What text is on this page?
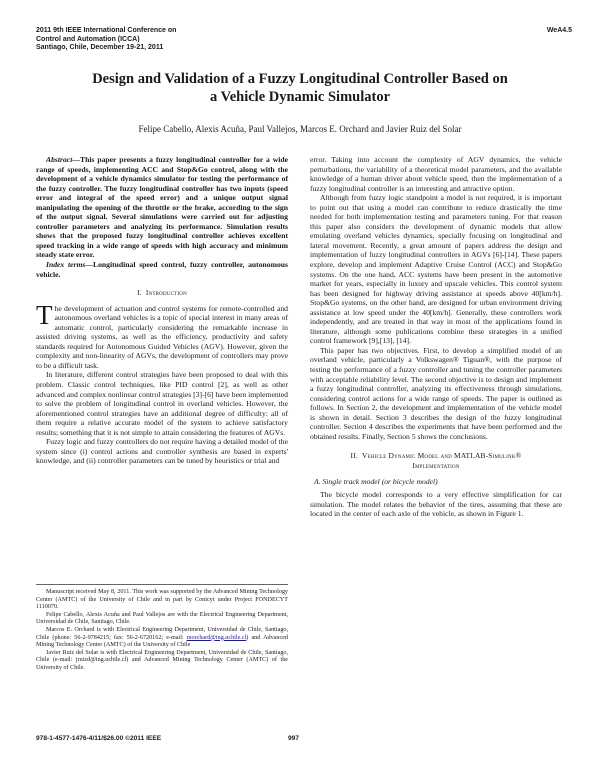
2011 9th IEEE International Conference on
Control and Automation (ICCA)
Santiago, Chile, December 19-21, 2011
WeA4.5
Design and Validation of a Fuzzy Longitudinal Controller Based on
a Vehicle Dynamic Simulator
Felipe Cabello, Alexis Acuña, Paul Vallejos, Marcos E. Orchard and Javier Ruiz del Solar

Abstract—This paper presents a fuzzy longitudinal controller for a wide range of speeds, implementing ACC and Stop&Go control, along with the development of a vehicle dynamics simulator for testing the performance of the fuzzy controller. The fuzzy longitudinal controller has two inputs (speed error and integral of the speed error) and a unique output signal manipulating the opening of the throttle or the brake, according to the sign of the output signal. Several simulations were carried out for adjusting controller parameters and analyzing its performance. Simulation results shows that the proposed fuzzy longitudinal controller achieves excellent speed tracking in a wide range of speeds with high accuracy and minimum steady state error.

Index terms—Longitudinal speed control, fuzzy controller, autonomous vehicle.

I. Introduction

The development of actuation and control systems for remote-controlled and autonomous overland vehicles is a topic of special interest in many areas of automatic control, particularly considering the remarkable increase in assisted driving systems, as well as the efficiency, productivity and safety standards required for Autonomous Guided Vehicles (AGV). However, given the complexity and non-linearity of AGVs, the development of controllers may prove to be a difficult task.

In literature, different control strategies have been proposed to deal with this problem. Classic control techniques, like PID control [2], as well as other advanced and complex nonlinear control strategies [3]-[6] have been implemented to solve the problem of longitudinal control in overland vehicles. However, the aforementioned control strategies have an additional degree of difficulty: all of them require a relative accurate model of the system to achieve satisfactory results; something that it is not simple to attain considering the features of AGVs.

Fuzzy logic and fuzzy controllers do not require having a detailed model of the system since (i) control actions and controller synthesis are based in experts' knowledge, and (ii) controller parameters can be tuned by heuristics or trial and

Manuscript received May 8, 2011. This work was supported by the Advanced Mining Technology Center (AMTC) of the University of Chile and in part by Conicyt under Project FONDECYT 1110070.

Felipe Cabello, Alexis Acuña and Paul Vallejos are with the Electrical Engineering Department, Universidad de Chile, Santiago, Chile.

Marcos E. Orchard is with Electrical Engineering Department, Universidad de Chile, Santiago, Chile (phone: 56-2-9784215; fax: 56-2-6720162; e-mail: morchard@ing.uchile.cl) and Advanced Mining Technology Center (AMTC) of the University of Chile

Javier Ruiz del Solar is with Electrical Engineering Department, Universidad de Chile, Santiago, Chile (e-mail: jruizd@ing.uchile.cl) and Advanced Mining Technology Center (AMTC) of the University of Chile.

error. Taking into account the complexity of AGV dynamics, the vehicle perturbations, the variability of a theoretical model parameters, and the available knowledge of a human driver about vehicle speed, then the implementation of a fuzzy longitudinal controller is an interesting and attractive option.

Although from fuzzy logic standpoint a model is not required, it is important to point out that using a model can contribute to reduce drastically the time needed for both implementation testing and parameters tuning. For that reason this paper also considers the development of dynamic models that allow emulating overland vehicles dynamics, specially focusing on longitudinal and lateral movement. Recently, a great amount of papers address the design and implementation of fuzzy longitudinal controllers in AGVs [6]-[14]. These papers explore, develop and implement Adaptive Cruise Control (ACC) and Stop&Go systems. On the one hand, ACC systems have been present in the automotive market for years, especially in luxury and upscale vehicles. This control system has been designed for highway driving assistance at speeds above 40[km/h]. Stop&Go systems, on the other hand, are designed for urban environment driving assistance at low speed under the 40[km/h]. Generally, these controllers work independently, and are treated in that way in most of the applications found in literature, although some publications combine these strategies in a unified control framework [9],[13], [14].

This paper has two objectives. First, to develop a simplified model of an overland vehicle, particularly a Volkswagen® Tiguan®, with the purpose of testing the performance of a fuzzy controller and tuning the controller parameters with acceptable reliability level. The second objective is to design and implement a fuzzy longitudinal controller, analyzing its effectiveness through simulations, considering control actions for a wide range of speeds. The paper is outlined as follows. In Section 2, the development and implementation of the vehicle model is shown in detail. Section 3 describes the design of the fuzzy longitudinal controller. Section 4 describes the experiments that have been performed and the obtained results. Finally, Section 5 shows the conclusions.

II. Vehicle Dynamic Model and MATLAB-Simulink®
Implementation
A. Single track model (or bicycle model)

The bicycle model corresponds to a very effective simplification for car simulation. The model relates the behavior of the tires, assuming that these are located in the center of each axle of the vehicle, as shown in Figure 1.

978-1-4577-1476-4/11/$26.00 ©2011 IEEE	997
